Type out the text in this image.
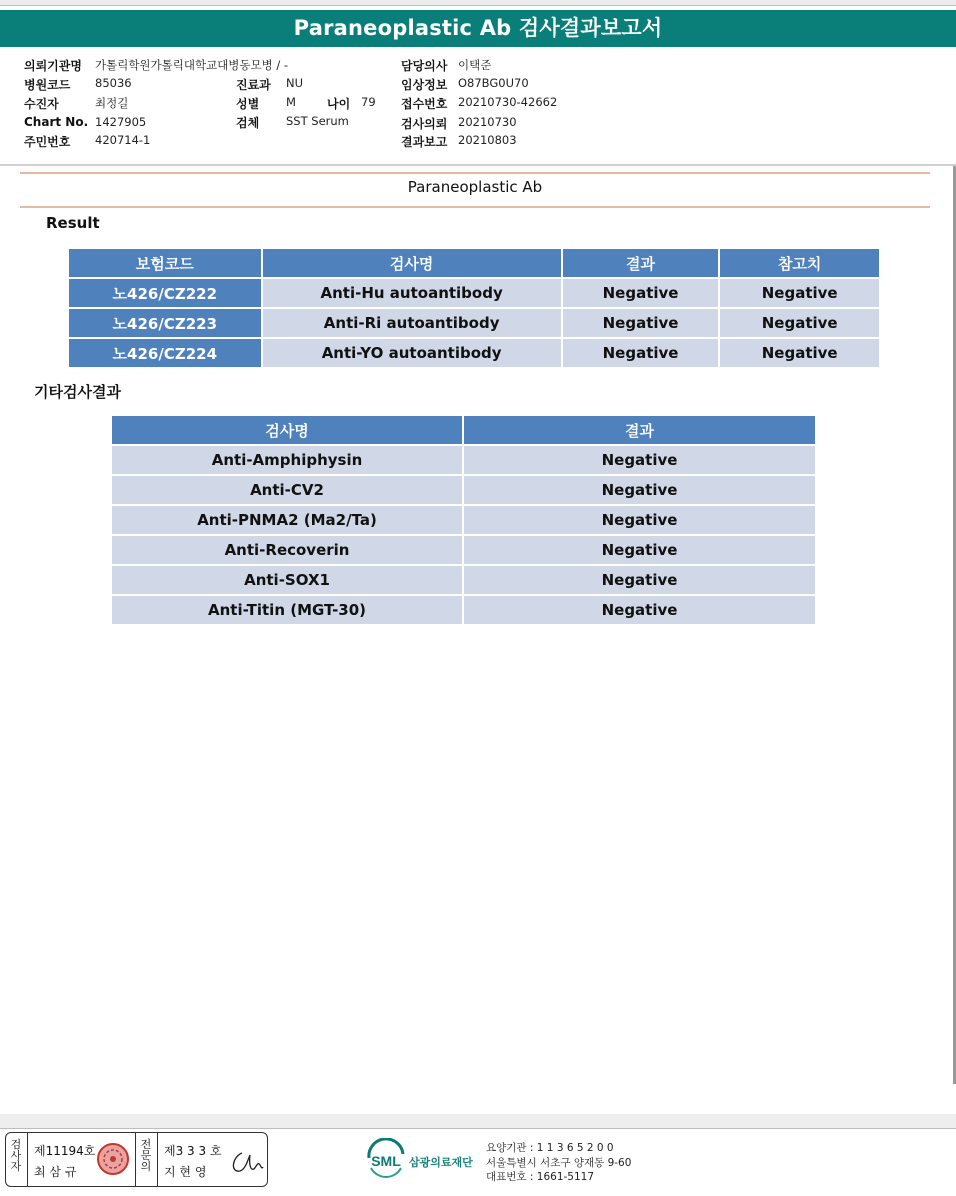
Paraneoplastic Ab 검사결과보고서
의뢰기관명 가톨릭학원가톨릭대학교대병동모병 / -
병원코드 85036
수진자	최정길
Chart No. 1427905
주민번호 420714-1
진료과 NU
성별 M	나이 79
검체 SST Serum
담당의사 이택준
임상정보 O87BG0U70
접수번호 20210730-42662
검사의뢰 20210730
결과보고 20210803
Paraneoplastic Ab
Result
보험코드	검사명	결과	참고치
노426/CZ222	Anti-Hu autoantibody	Negative	Negative
노426/CZ223	Anti-Ri autoantibody	Negative	Negative
노426/CZ224	Anti-YO autoantibody	Negative	Negative
기타검사결과
검사명	결과
Anti-Amphiphysin	Negative
Anti-CV2	Negative
Anti-PNMA2 (Ma2/Ta)	Negative
Anti-Recoverin	Negative
Anti-SOX1	Negative
Anti-Titin (MGT-30)	Negative
검사자
제11194호
최 삼 규
전문의
제3 3 3 호
지 현 영
SML 삼광의료재단
요양기관 : 1 1 3 6 5 2 0 0
서울특별시 서초구 양재동 9-60
대표번호 : 1661-5117
